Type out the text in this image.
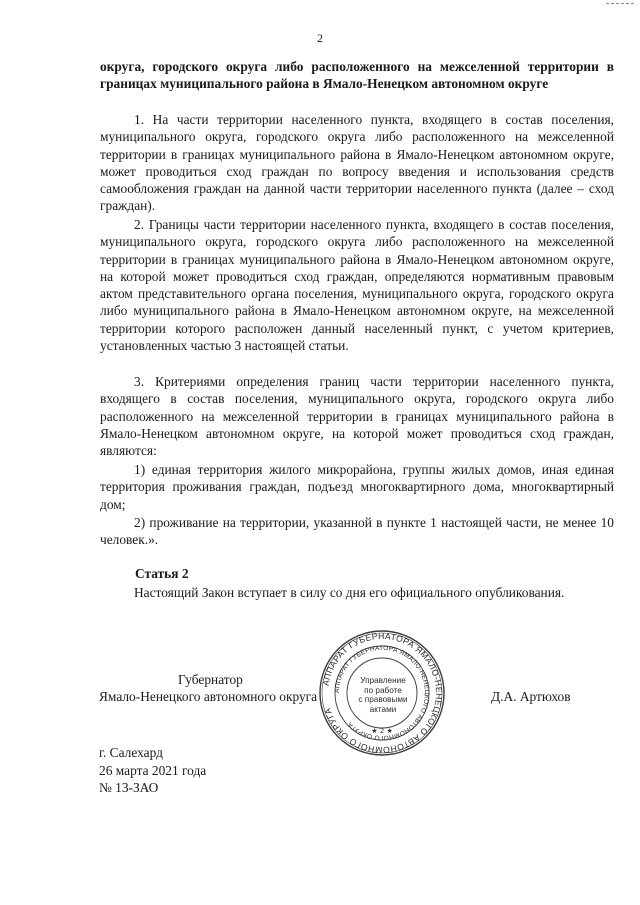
2

округа, городского округа либо расположенного на межселенной территории в границах муниципального района в Ямало-Ненецком автономном округе

1. На части территории населенного пункта, входящего в состав поселения, муниципального округа, городского округа либо расположенного на межселенной территории в границах муниципального района в Ямало-Ненецком автономном округе, может проводиться сход граждан по вопросу введения и использования средств самообложения граждан на данной части территории населенного пункта (далее – сход граждан).

2. Границы части территории населенного пункта, входящего в состав поселения, муниципального округа, городского округа либо расположенного на межселенной территории в границах муниципального района в Ямало-Ненецком автономном округе, на которой может проводиться сход граждан, определяются нормативным правовым актом представительного органа поселения, муниципального округа, городского округа либо муниципального района в Ямало-Ненецком автономном округе, на межселенной территории которого расположен данный населенный пункт, с учетом критериев, установленных частью 3 настоящей статьи.

3. Критериями определения границ части территории населенного пункта, входящего в состав поселения, муниципального округа, городского округа либо расположенного на межселенной территории в границах муниципального района в Ямало-Ненецком автономном округе, на которой может проводиться сход граждан, являются:

1) единая территория жилого микрорайона, группы жилых домов, иная единая территория проживания граждан, подъезд многоквартирного дома, многоквартирный дом;

2) проживание на территории, указанной в пункте 1 настоящей части, не менее 10 человек.».

Статья 2

Настоящий Закон вступает в силу со дня его официального опубликования.

АППАРАТ ГУБЕРНАТОРА ЯМАЛО-НЕНЕЦКОГО АВТОНОМНОГО ОКРУГА
АППАРАТ ГУБЕРНАТОРА ЯМАЛО-НЕНЕЦКОГО АВТОНОМНОГО ОКРУГА
★ 2 ★
Управление
по работе
с правовыми
актами
Губернатор
Ямало-Ненецкого автономного округа	Д.А. Артюхов
г. Салехард
26 марта 2021 года
№ 13-ЗАО
